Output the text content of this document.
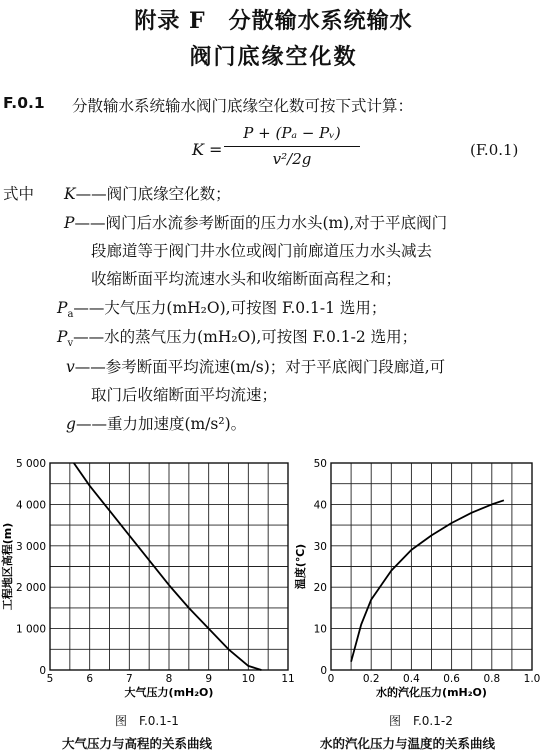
附录 F　分散输水系统输水
阀门底缘空化数
F.0.1 分散输水系统输水阀门底缘空化数可按下式计算：
K =
P + (Pₐ − Pᵥ)
v²/2g	(F.0.1)
式中 K——阀门底缘空化数；
P——阀门后水流参考断面的压力水头(m),对于平底阀门
段廊道等于阀门井水位或阀门前廊道压力水头减去
收缩断面平均流速水头和收缩断面高程之和；
$P_a——$大气压力(mH₂O),可按图 F.0.1-1 选用；
$P_v——$水的蒸气压力(mH₂O),可按图 F.0.1-2 选用；
v——参考断面平均流速(m/s)；对于平底阀门段廊道,可
取门后收缩断面平均流速；
g——重力加速度(m/s²)。
5	6	7	8	9	10	11
0
1 000
2 000
3 000
4 000
5 000
大气压力(mH₂O)
工程地区高程(m)
0	0.2 0.4 0.6 0.8 1.0
0
10
20
30
40
50
水的汽化压力(mH₂O)
温度(℃)
图　F.0.1-1
大气压力与高程的关系曲线
图　F.0.1-2
水的汽化压力与温度的关系曲线
